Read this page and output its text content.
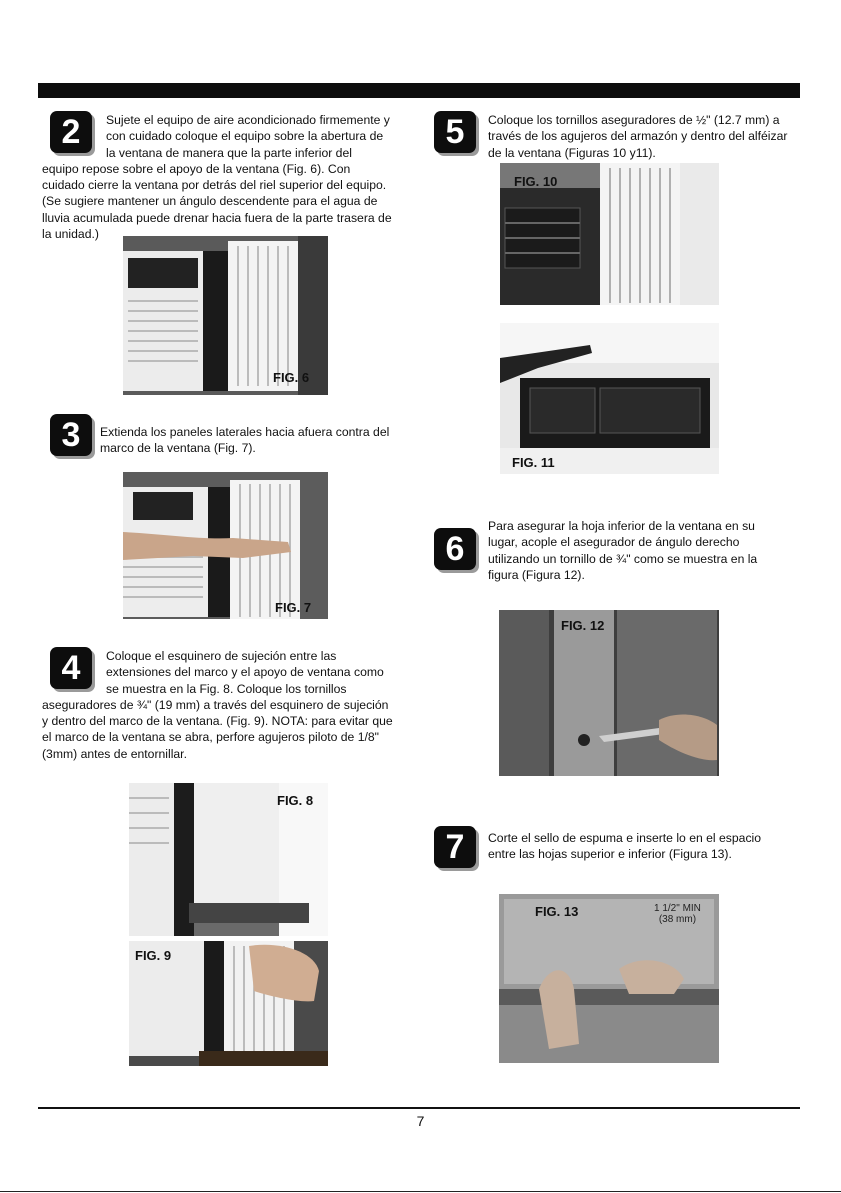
2	Sujete el equipo de aire acondicionado firmemente y con cuidado coloque el equipo sobre la abertura de la ventana de manera que la parte inferior del
equipo repose sobre el apoyo de la ventana (Fig. 6). Con cuidado cierre la ventana por detrás del riel superior del equipo. (Se sugiere mantener un ángulo descendente para el agua de lluvia acumulada puede drenar hacia fuera de la parte trasera de la unidad.)
FIG. 6
3	Extienda los paneles laterales hacia afuera contra del marco de la ventana (Fig. 7).
FIG. 7
4	Coloque el esquinero de sujeción entre las extensiones del marco y el apoyo de ventana como se muestra en la Fig. 8. Coloque los tornillos
aseguradores de ¾" (19 mm) a través del esquinero de sujeción y dentro del marco de la ventana. (Fig. 9). NOTA: para evitar que el marco de la ventana se abra, perfore agujeros piloto de 1/8" (3mm) antes de entornillar.
FIG. 8
FIG. 9
5	Coloque los tornillos aseguradores de ½" (12.7 mm) a través de los agujeros del armazón y dentro del alféizar de la ventana (Figuras 10 y11).
FIG. 10
FIG. 11
6
Para asegurar la hoja inferior de la ventana en su lugar, acople el asegurador de ángulo derecho utilizando un tornillo de ¾" como se muestra en la figura (Figura 12).
FIG. 12
7	Corte el sello de espuma e inserte lo en el espacio entre las hojas superior e inferior (Figura 13).
FIG. 13	1 1/2" MIN
(38 mm)
7
